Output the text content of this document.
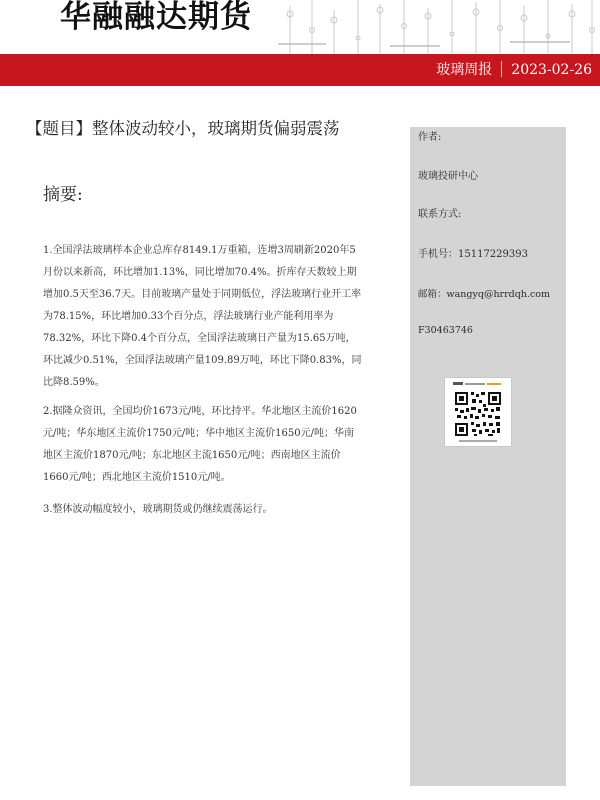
华融融达期货
玻璃周报 2023-02-26
【题目】整体波动较小，玻璃期货偏弱震荡
摘要:

1.全国浮法玻璃样本企业总库存8149.1万重箱，连增3周刷新2020年5月份以来新高，环比增加1.13%，同比增加70.4%。折库存天数较上期增加0.5天至36.7天。目前玻璃产量处于同期低位，浮法玻璃行业开工率为78.15%，环比增加0.33个百分点，浮法玻璃行业产能利用率为78.32%，环比下降0.4个百分点，全国浮法玻璃日产量为15.65万吨，环比减少0.51%，全国浮法玻璃产量109.89万吨，环比下降0.83%，同比降8.59%。

2.据隆众资讯，全国均价1673元/吨，环比持平。华北地区主流价1620元/吨；华东地区主流价1750元/吨；华中地区主流价1650元/吨；华南地区主流价1870元/吨；东北地区主流1650元/吨；西南地区主流价1660元/吨；西北地区主流价1510元/吨。

3.整体波动幅度较小，玻璃期货或仍继续震荡运行。

作者:
玻璃投研中心
联系方式:
手机号：15117229393
邮箱：wangyq@hrrdqh.com
F30463746
